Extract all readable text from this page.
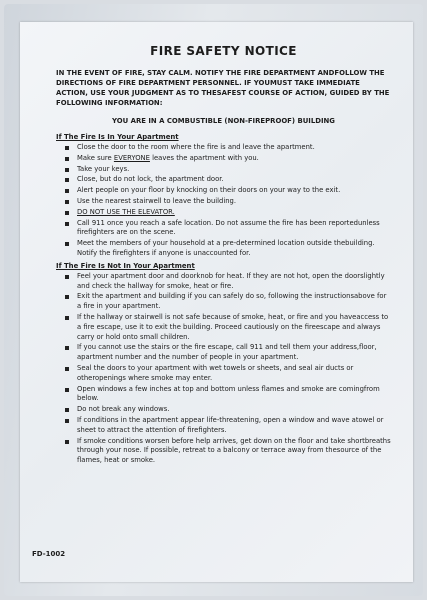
FIRE SAFETY NOTICE
IN THE EVENT OF FIRE, STAY CALM. NOTIFY THE FIRE DEPARTMENT ANDFOLLOW THE DIRECTIONS OF FIRE DEPARTMENT PERSONNEL. IF YOUMUST TAKE IMMEDIATE ACTION, USE YOUR JUDGMENT AS TO THESAFEST COURSE OF ACTION, GUIDED BY THE FOLLOWING INFORMATION:
YOU ARE IN A COMBUSTIBLE (NON-FIREPROOF) BUILDING
If The Fire Is In Your Apartment
Close the door to the room where the fire is and leave the apartment.
Make sure EVERYONE leaves the apartment with you.
Take your keys.
Close, but do not lock, the apartment door.
Alert people on your floor by knocking on their doors on your way to the exit.
Use the nearest stairwell to leave the building.
DO NOT USE THE ELEVATOR.
Call 911 once you reach a safe location. Do not assume the fire has been reportedunless firefighters are on the scene.
Meet the members of your household at a pre-determined location outside thebuilding. Notify the firefighters if anyone is unaccounted for.
If The Fire Is Not In Your Apartment
Feel your apartment door and doorknob for heat. If they are not hot, open the doorslightly and check the hallway for smoke, heat or fire.
Exit the apartment and building if you can safely do so, following the instructionsabove for a fire in your apartment.
If the hallway or stairwell is not safe because of smoke, heat, or fire and you haveaccess to a fire escape, use it to exit the building. Proceed cautiously on the fireescape and always carry or hold onto small children.
If you cannot use the stairs or the fire escape, call 911 and tell them your address,floor, apartment number and the number of people in your apartment.
Seal the doors to your apartment with wet towels or sheets, and seal air ducts or otheropenings where smoke may enter.
Open windows a few inches at top and bottom unless flames and smoke are comingfrom below.
Do not break any windows.
If conditions in the apartment appear life-threatening, open a window and wave atowel or sheet to attract the attention of firefighters.
If smoke conditions worsen before help arrives, get down on the floor and take shortbreaths through your nose. If possible, retreat to a balcony or terrace away from thesource of the flames, heat or smoke.
FD-1002
